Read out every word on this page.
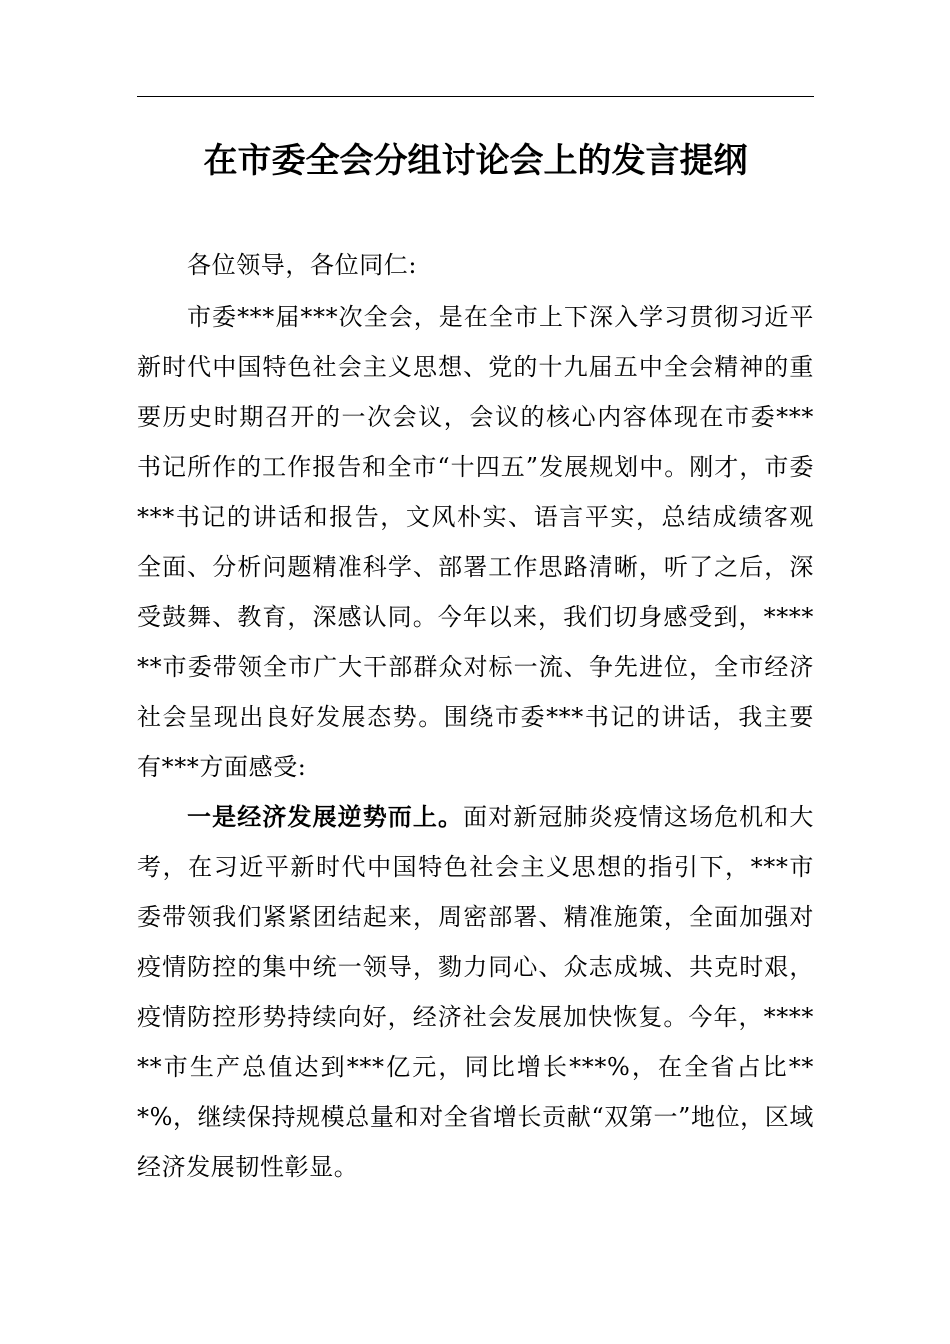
在市委全会分组讨论会上的发言提纲

各位领导，各位同仁:

市委***届***次全会，是在全市上下深入学习贯彻习近平新时代中国特色社会主义思想、党的十九届五中全会精神的重要历史时期召开的一次会议，会议的核心内容体现在市委***书记所作的工作报告和全市“十四五”发展规划中。刚才，市委***书记的讲话和报告，文风朴实、语言平实，总结成绩客观全面、分析问题精准科学、部署工作思路清晰，听了之后，深受鼓舞、教育，深感认同。今年以来，我们切身感受到，******市委带领全市广大干部群众对标一流、争先进位，全市经济社会呈现出良好发展态势。围绕市委***书记的讲话，我主要有***方面感受:

一是经济发展逆势而上。面对新冠肺炎疫情这场危机和大考，在习近平新时代中国特色社会主义思想的指引下，***市委带领我们紧紧团结起来，周密部署、精准施策，全面加强对疫情防控的集中统一领导，勠力同心、众志成城、共克时艰，疫情防控形势持续向好，经济社会发展加快恢复。今年，******市生产总值达到***亿元，同比增长***%，在全省占比***%，继续保持规模总量和对全省增长贡献“双第一”地位，区域经济发展韧性彰显。
